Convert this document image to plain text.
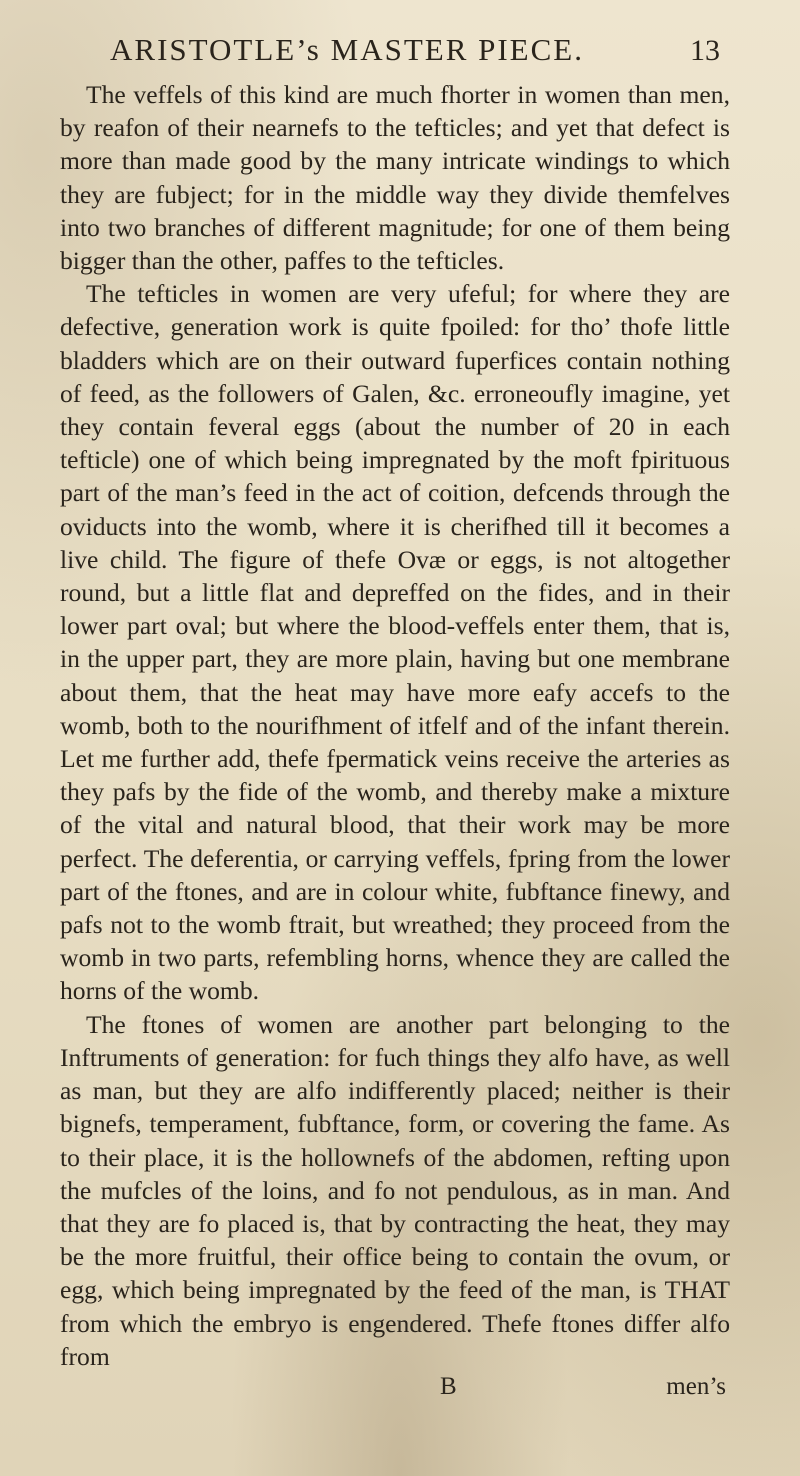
ARISTOTLE’s MASTER PIECE.	13

The veffels of this kind are much fhorter in women than men, by reafon of their nearnefs to the tefticles; and yet that defect is more than made good by the many intricate windings to which they are fubject; for in the middle way they divide themfelves into two branches of different magnitude; for one of them being bigger than the other, paffes to the tefticles.

The tefticles in women are very ufeful; for where they are defective, generation work is quite fpoiled: for tho’ thofe little bladders which are on their outward fuperfices contain nothing of feed, as the followers of Galen, &c. erroneoufly imagine, yet they contain feveral eggs (about the number of 20 in each tefticle) one of which being impregnated by the moft fpirituous part of the man’s feed in the act of coition, defcends through the oviducts into the womb, where it is cherifhed till it becomes a live child. The figure of thefe Ovæ or eggs, is not altogether round, but a little flat and depreffed on the fides, and in their lower part oval; but where the blood-veffels enter them, that is, in the upper part, they are more plain, having but one membrane about them, that the heat may have more eafy accefs to the womb, both to the nourifhment of itfelf and of the infant therein. Let me further add, thefe fpermatick veins receive the arteries as they pafs by the fide of the womb, and thereby make a mixture of the vital and natural blood, that their work may be more perfect. The deferentia, or carrying veffels, fpring from the lower part of the ftones, and are in colour white, fubftance finewy, and pafs not to the womb ftrait, but wreathed; they proceed from the womb in two parts, refembling horns, whence they are called the horns of the womb.

The ftones of women are another part belonging to the Inftruments of generation: for fuch things they alfo have, as well as man, but they are alfo indifferently placed; neither is their bignefs, temperament, fubftance, form, or covering the fame. As to their place, it is the hollownefs of the abdomen, refting upon the mufcles of the loins, and fo not pendulous, as in man. And that they are fo placed is, that by contracting the heat, they may be the more fruitful, their office being to contain the ovum, or egg, which being impregnated by the feed of the man, is THAT from which the embryo is engendered. Thefe ftones differ alfo from

B	men’s
